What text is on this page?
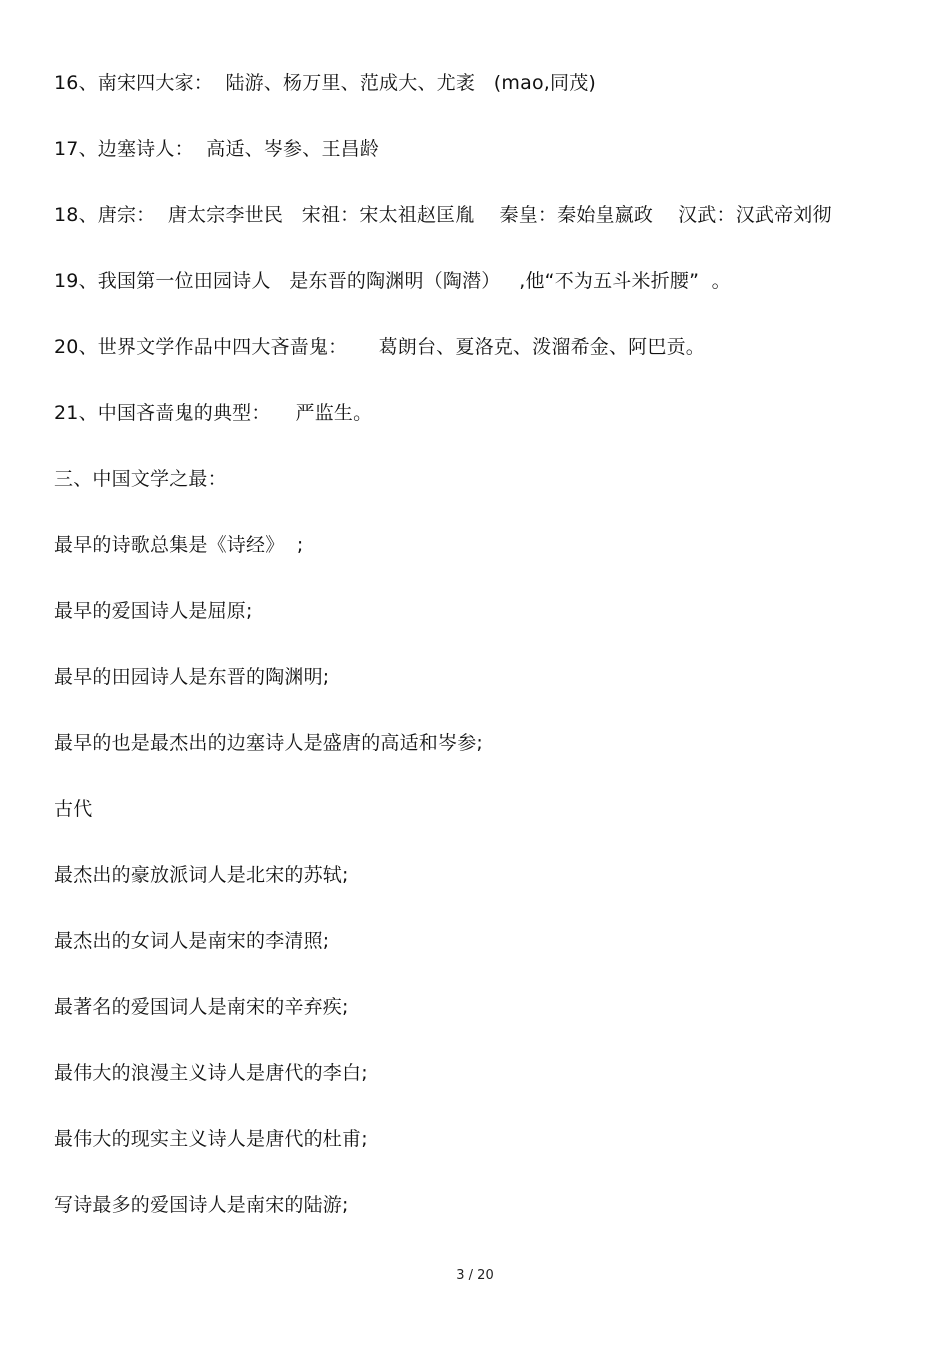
16、南宋四大家：  陆游、杨万里、范成大、尤袤   (mao,同茂)
17、边塞诗人：  高适、岑参、王昌龄
18、唐宗：  唐太宗李世民   宋祖：宋太祖赵匡胤    秦皇：秦始皇嬴政    汉武：汉武帝刘彻
19、我国第一位田园诗人   是东晋的陶渊明（陶潜）   ,他“不为五斗米折腰”  。
20、世界文学作品中四大吝啬鬼：     葛朗台、夏洛克、泼溜希金、阿巴贡。
21、中国吝啬鬼的典型：    严监生。
三、中国文学之最：
最早的诗歌总集是《诗经》  ;
最早的爱国诗人是屈原;
最早的田园诗人是东晋的陶渊明;
最早的也是最杰出的边塞诗人是盛唐的高适和岑参;
古代
最杰出的豪放派词人是北宋的苏轼;
最杰出的女词人是南宋的李清照;
最著名的爱国词人是南宋的辛弃疾;
最伟大的浪漫主义诗人是唐代的李白;
最伟大的现实主义诗人是唐代的杜甫;
写诗最多的爱国诗人是南宋的陆游;
3 / 20
